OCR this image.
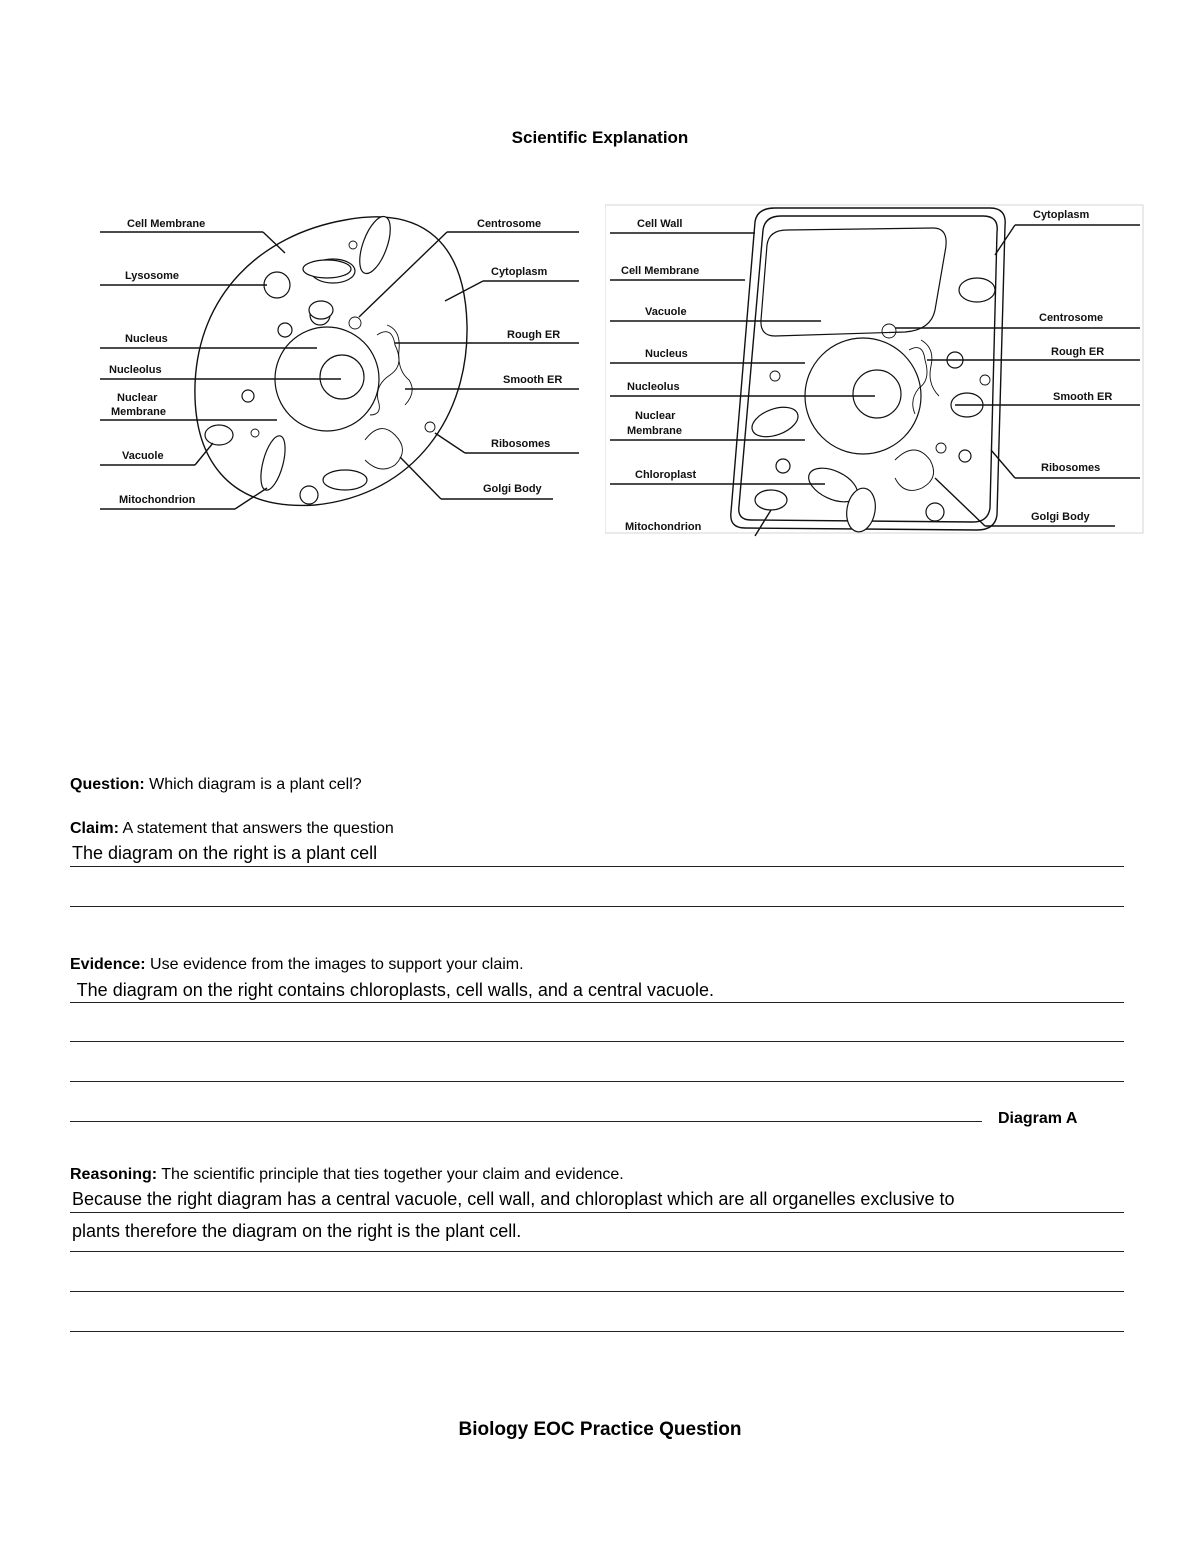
Scientific Explanation
Cell Membrane
Lysosome
Nucleus
Nucleolus
Nuclear
Membrane
Vacuole
Mitochondrion
Centrosome
Cytoplasm
Rough ER
Smooth ER
Ribosomes
Golgi Body
Cell Wall
Cell Membrane
Vacuole
Nucleus
Nucleolus
Nuclear
Membrane
Chloroplast
Mitochondrion
Cytoplasm
Centrosome
Rough ER
Smooth ER
Ribosomes
Golgi Body
Question: Which diagram is a plant cell?
Claim: A statement that answers the question
The diagram on the right is a plant cell
Evidence: Use evidence from the images to support your claim.
The diagram on the right contains chloroplasts, cell walls, and a central vacuole.
Diagram A
Reasoning: The scientific principle that ties together your claim and evidence.
Because the right diagram has a central vacuole, cell wall, and chloroplast which are all organelles exclusive to
plants therefore the diagram on the right is the plant cell.
Biology EOC Practice Question
